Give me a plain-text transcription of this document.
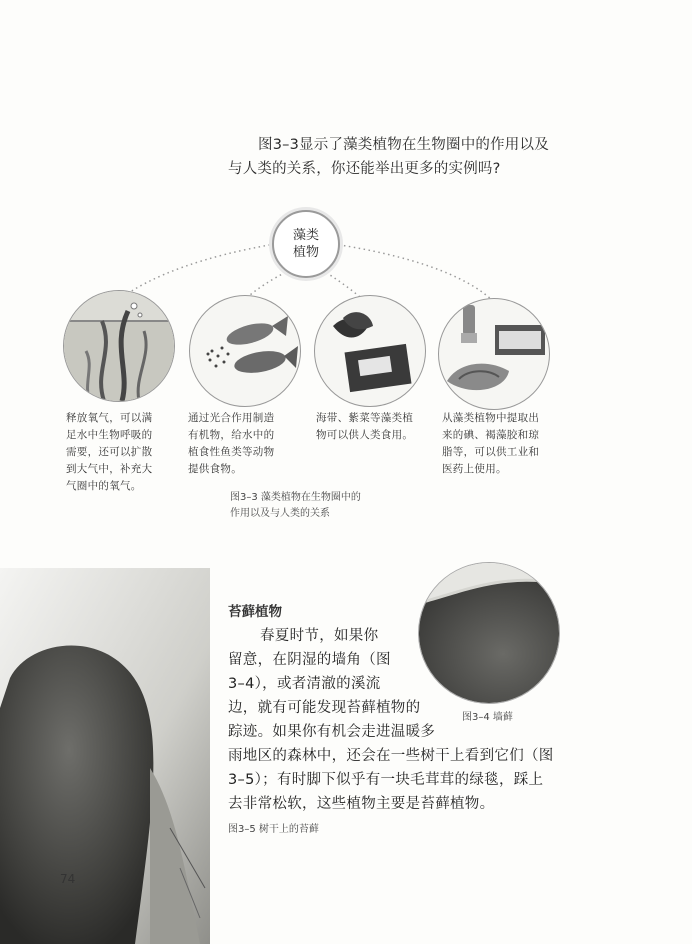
图3–3显示了藻类植物在生物圈中的作用以及

与人类的关系，你还能举出更多的实例吗?
藻类植物
释放氧气，可以满
足水中生物呼吸的
需要，还可以扩散
到大气中，补充大
气圈中的氧气。
通过光合作用制造
有机物，给水中的
植食性鱼类等动物
提供食物。
海带、紫菜等藻类植
物可以供人类食用。
从藻类植物中提取出
来的碘、褐藻胶和琼
脂等，可以供工业和
医药上使用。
图3–3 藻类植物在生物圈中的
作用以及与人类的关系
苔藓植物
春夏时节，如果你
留意，在阴湿的墙角（图
3–4），或者清澈的溪流
边，就有可能发现苔藓植物的
踪迹。如果你有机会走进温暖多
雨地区的森林中，还会在一些树干上看到它们（图
3–5）；有时脚下似乎有一块毛茸茸的绿毯，踩上
去非常松软，这些植物主要是苔藓植物。
图3–4 墙藓
图3–5 树干上的苔藓
74
